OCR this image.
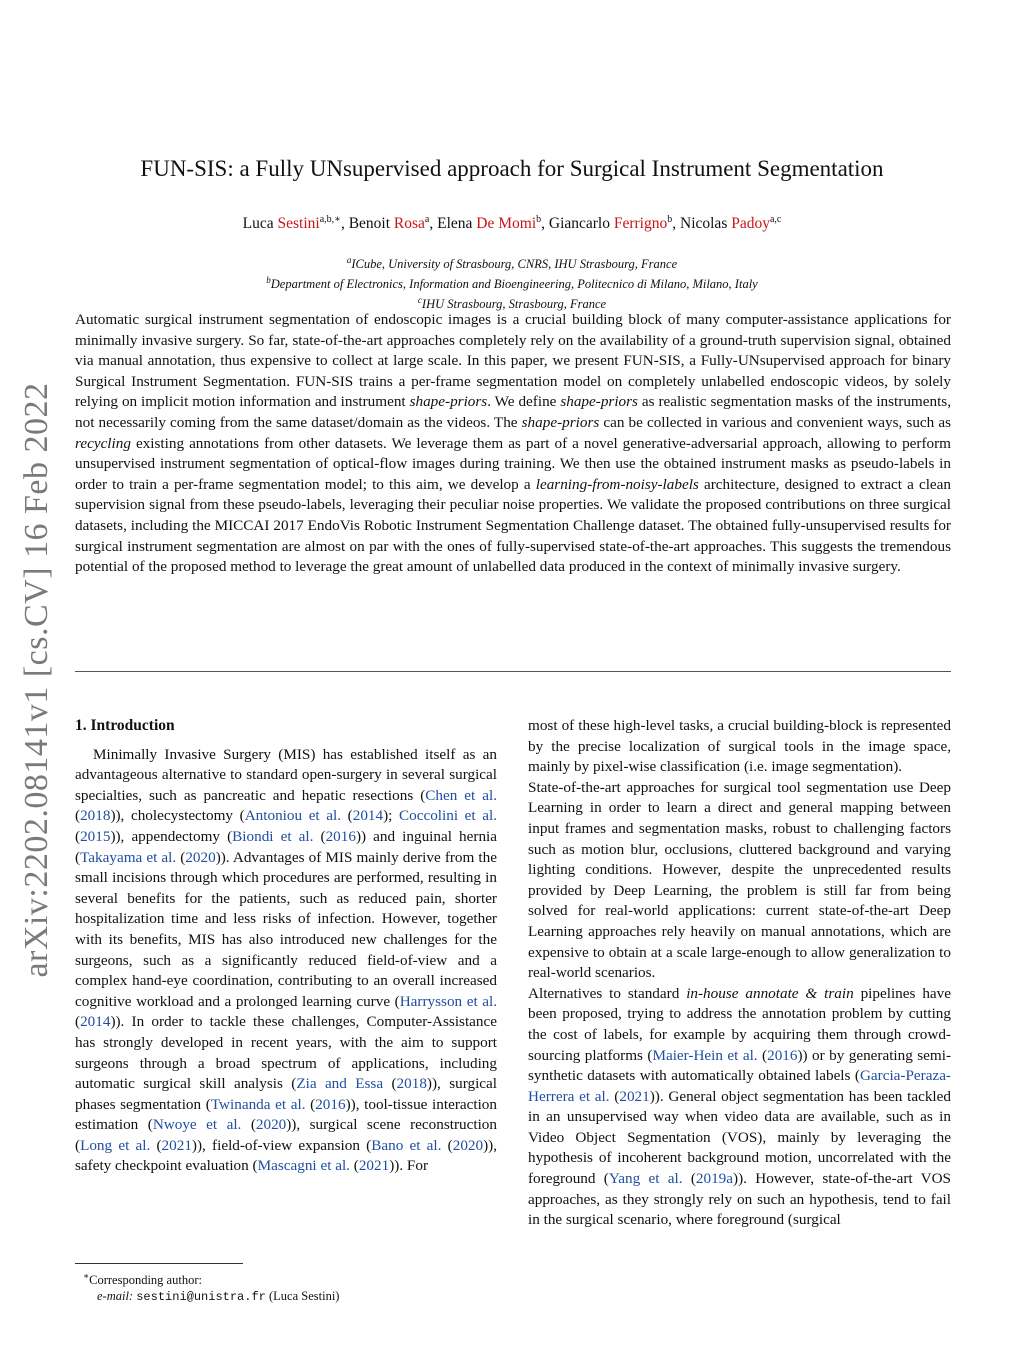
arXiv:2202.08141v1 [cs.CV] 16 Feb 2022
FUN-SIS: a Fully UNsupervised approach for Surgical Instrument Segmentation
Luca Sestini$^{a,b,∗}$, Benoit Rosa$^a$, Elena De Momi$^b$, Giancarlo Ferrigno$^b$, Nicolas Padoy$^{a,c}$
$^a$ICube, University of Strasbourg, CNRS, IHU Strasbourg, France
$^b$Department of Electronics, Information and Bioengineering, Politecnico di Milano, Milano, Italy
$^c$IHU Strasbourg, Strasbourg, France
Automatic surgical instrument segmentation of endoscopic images is a crucial building block of many computer-assistance applications for minimally invasive surgery. So far, state-of-the-art approaches completely rely on the availability of a ground-truth supervision signal, obtained via manual annotation, thus expensive to collect at large scale. In this paper, we present FUN-SIS, a Fully-UNsupervised approach for binary Surgical Instrument Segmentation. FUN-SIS trains a per-frame segmentation model on completely unlabelled endoscopic videos, by solely relying on implicit motion information and instrument shape-priors. We define shape-priors as realistic segmentation masks of the instruments, not necessarily coming from the same dataset/domain as the videos. The shape-priors can be collected in various and convenient ways, such as recycling existing annotations from other datasets. We leverage them as part of a novel generative-adversarial approach, allowing to perform unsupervised instrument segmentation of optical-flow images during training. We then use the obtained instrument masks as pseudo-labels in order to train a per-frame segmentation model; to this aim, we develop a learning-from-noisy-labels architecture, designed to extract a clean supervision signal from these pseudo-labels, leveraging their peculiar noise properties. We validate the proposed contributions on three surgical datasets, including the MICCAI 2017 EndoVis Robotic Instrument Segmentation Challenge dataset. The obtained fully-unsupervised results for surgical instrument segmentation are almost on par with the ones of fully-supervised state-of-the-art approaches. This suggests the tremendous potential of the proposed method to leverage the great amount of unlabelled data produced in the context of minimally invasive surgery.

1. Introduction

Minimally Invasive Surgery (MIS) has established itself as an advantageous alternative to standard open-surgery in several surgical specialties, such as pancreatic and hepatic resections (Chen et al. (2018)), cholecystectomy (Antoniou et al. (2014); Coccolini et al. (2015)), appendectomy (Biondi et al. (2016)) and inguinal hernia (Takayama et al. (2020)). Advantages of MIS mainly derive from the small incisions through which procedures are performed, resulting in several benefits for the patients, such as reduced pain, shorter hospitalization time and less risks of infection. However, together with its benefits, MIS has also introduced new challenges for the surgeons, such as a significantly reduced field-of-view and a complex hand-eye coordination, contributing to an overall increased cognitive workload and a prolonged learning curve (Harrysson et al. (2014)). In order to tackle these challenges, Computer-Assistance has strongly developed in recent years, with the aim to support surgeons through a broad spectrum of applications, including automatic surgical skill analysis (Zia and Essa (2018)), surgical phases segmentation (Twinanda et al. (2016)), tool-tissue interaction estimation (Nwoye et al. (2020)), surgical scene reconstruction (Long et al. (2021)), field-of-view expansion (Bano et al. (2020)), safety checkpoint evaluation (Mascagni et al. (2021)). For

most of these high-level tasks, a crucial building-block is represented by the precise localization of surgical tools in the image space, mainly by pixel-wise classification (i.e. image segmentation).

State-of-the-art approaches for surgical tool segmentation use Deep Learning in order to learn a direct and general mapping between input frames and segmentation masks, robust to challenging factors such as motion blur, occlusions, cluttered background and varying lighting conditions. However, despite the unprecedented results provided by Deep Learning, the problem is still far from being solved for real-world applications: current state-of-the-art Deep Learning approaches rely heavily on manual annotations, which are expensive to obtain at a scale large-enough to allow generalization to real-world scenarios.

Alternatives to standard in-house annotate & train pipelines have been proposed, trying to address the annotation problem by cutting the cost of labels, for example by acquiring them through crowd-sourcing platforms (Maier-Hein et al. (2016)) or by generating semi-synthetic datasets with automatically obtained labels (Garcia-Peraza-Herrera et al. (2021)). General object segmentation has been tackled in an unsupervised way when video data are available, such as in Video Object Segmentation (VOS), mainly by leveraging the hypothesis of incoherent background motion, uncorrelated with the foreground (Yang et al. (2019a)). However, state-of-the-art VOS approaches, as they strongly rely on such an hypothesis, tend to fail in the surgical scenario, where foreground (surgical

∗Corresponding author:
e-mail: sestini@unistra.fr (Luca Sestini)
